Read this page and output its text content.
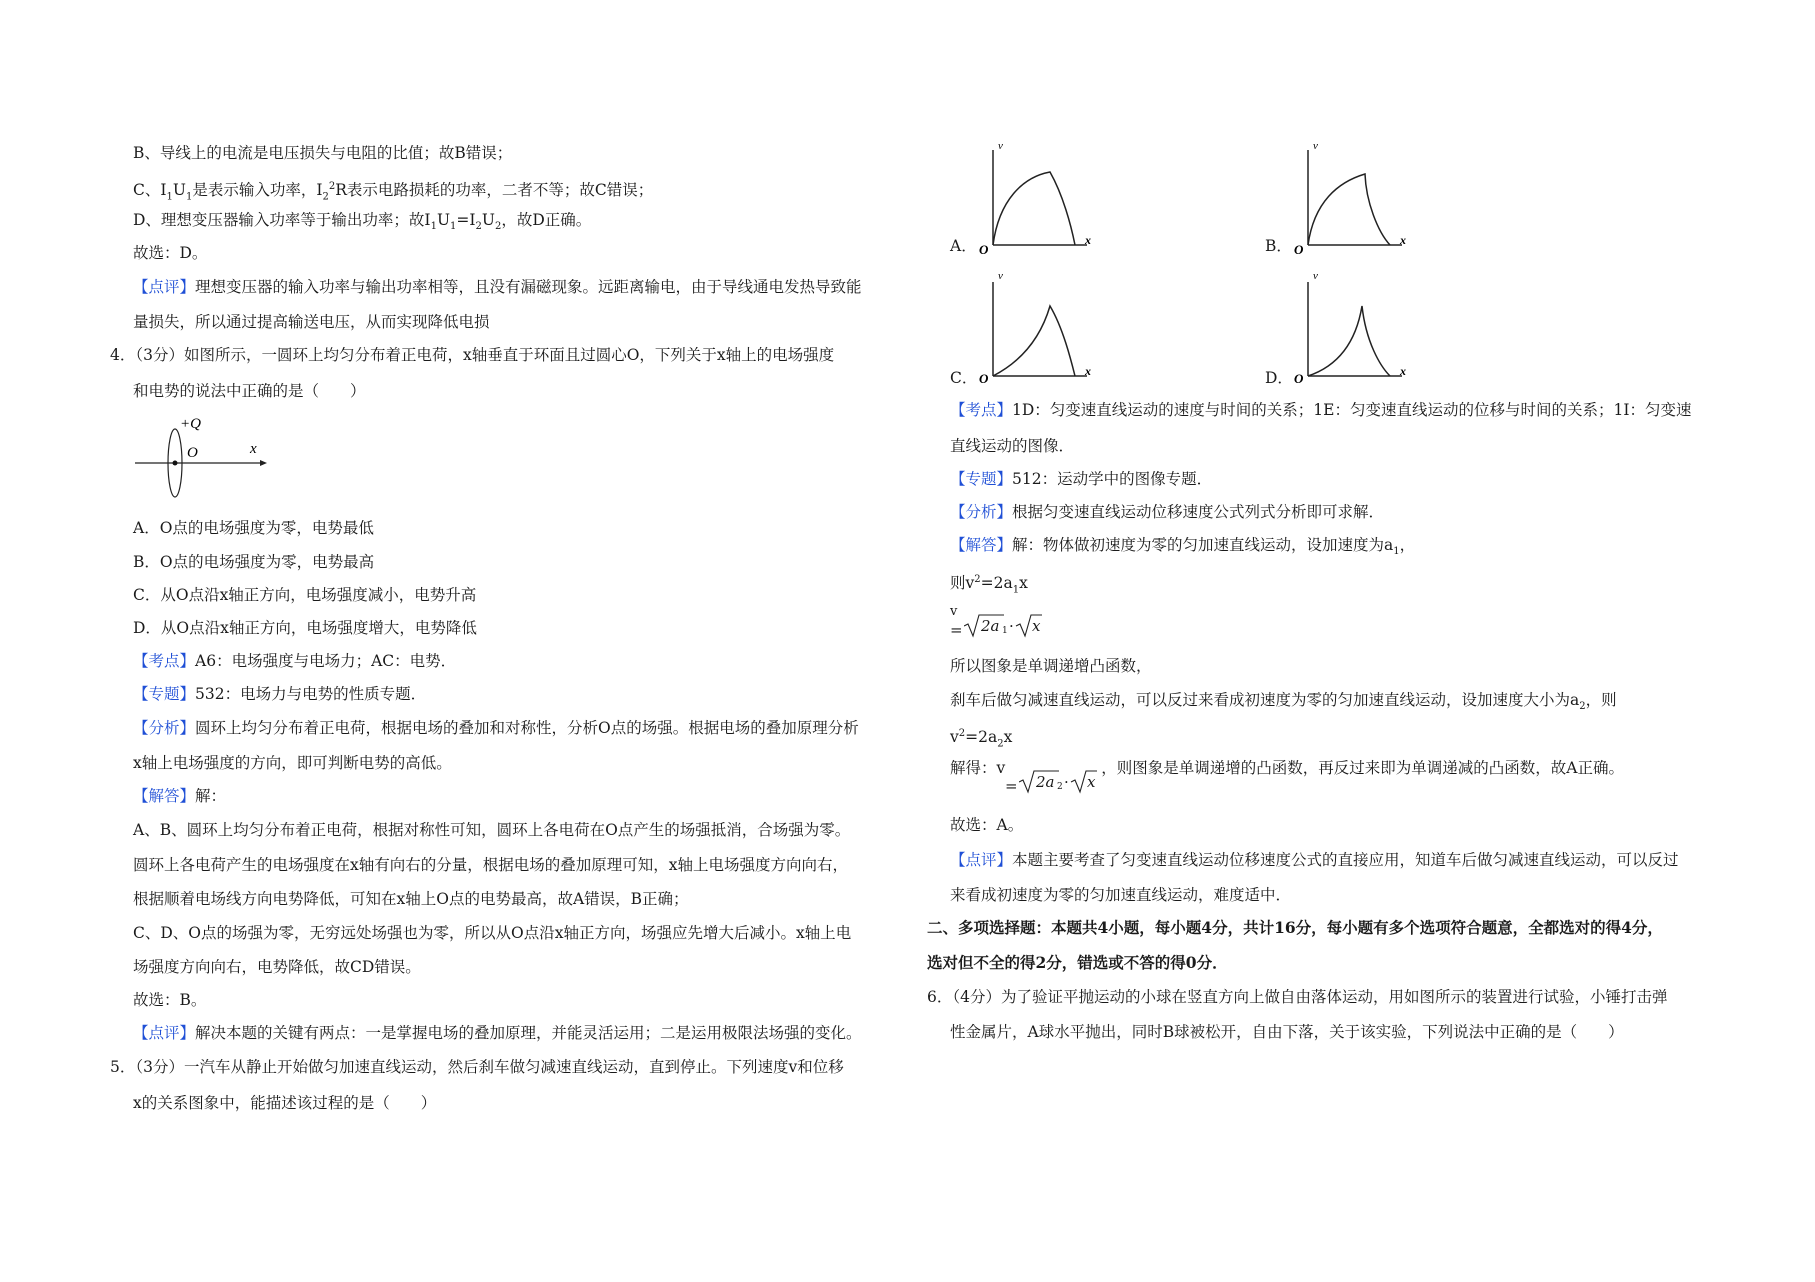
B、导线上的电流是电压损失与电阻的比值；故B错误；
C、$I_1U_1$是表示输入功率，$I_2^2R$表示电路损耗的功率，二者不等；故C错误；
D、理想变压器输入功率等于输出功率；故$I_1U_1=I_2U_2$，故D正确。
故选：D。
【点评】理想变压器的输入功率与输出功率相等，且没有漏磁现象。远距离输电，由于导线通电发热导致能
量损失，所以通过提高输送电压，从而实现降低电损
4．（3分）如图所示，一圆环上均匀分布着正电荷，x轴垂直于环面且过圆心O，下列关于x轴上的电场强度
和电势的说法中正确的是（　　）
+Q
O	x
A．O点的电场强度为零，电势最低
B．O点的电场强度为零，电势最高
C．从O点沿x轴正方向，电场强度减小，电势升高
D．从O点沿x轴正方向，电场强度增大，电势降低
【考点】A6：电场强度与电场力；AC：电势．
【专题】532：电场力与电势的性质专题．
【分析】圆环上均匀分布着正电荷，根据电场的叠加和对称性，分析O点的场强。根据电场的叠加原理分析
x轴上电场强度的方向，即可判断电势的高低。
【解答】解：
A、B、圆环上均匀分布着正电荷，根据对称性可知，圆环上各电荷在O点产生的场强抵消，合场强为零。
圆环上各电荷产生的电场强度在x轴有向右的分量，根据电场的叠加原理可知，x轴上电场强度方向向右，
根据顺着电场线方向电势降低，可知在x轴上O点的电势最高，故A错误，B正确；
C、D、O点的场强为零，无穷远处场强也为零，所以从O点沿x轴正方向，场强应先增大后减小。x轴上电
场强度方向向右，电势降低，故CD错误。
故选：B。
【点评】解决本题的关键有两点：一是掌握电场的叠加原理，并能灵活运用；二是运用极限法场强的变化。
5．（3分）一汽车从静止开始做匀加速直线运动，然后刹车做匀减速直线运动，直到停止。下列速度v和位移
x的关系图象中，能描述该过程的是（　　）
A．
v
O
x	B．
v
O
x
C．
v
O	x	D．
v
O	x
【考点】1D：匀变速直线运动的速度与时间的关系；1E：匀变速直线运动的位移与时间的关系；1I：匀变速
直线运动的图像．
【专题】512：运动学中的图像专题．
【分析】根据匀变速直线运动位移速度公式列式分析即可求解．
【解答】解：物体做初速度为零的匀加速直线运动，设加速度为$a_1$，
则$v^2=2a_1x$
v
= 2a 1 · x
所以图象是单调递增凸函数，
刹车后做匀减速直线运动，可以反过来看成初速度为零的匀加速直线运动，设加速度大小为$a_2$，则
$v^2=2a_2x$
解得：v	，则图象是单调递增的凸函数，再反过来即为单调递减的凸函数，故A正确。
= 2a 2 · x
故选：A。
【点评】本题主要考查了匀变速直线运动位移速度公式的直接应用，知道车后做匀减速直线运动，可以反过
来看成初速度为零的匀加速直线运动，难度适中．
二、多项选择题：本题共4小题，每小题4分，共计16分，每小题有多个选项符合题意，全都选对的得4分，
选对但不全的得2分，错选或不答的得0分．
6．（4分）为了验证平抛运动的小球在竖直方向上做自由落体运动，用如图所示的装置进行试验，小锤打击弹
性金属片，A球水平抛出，同时B球被松开，自由下落，关于该实验，下列说法中正确的是（　　）
